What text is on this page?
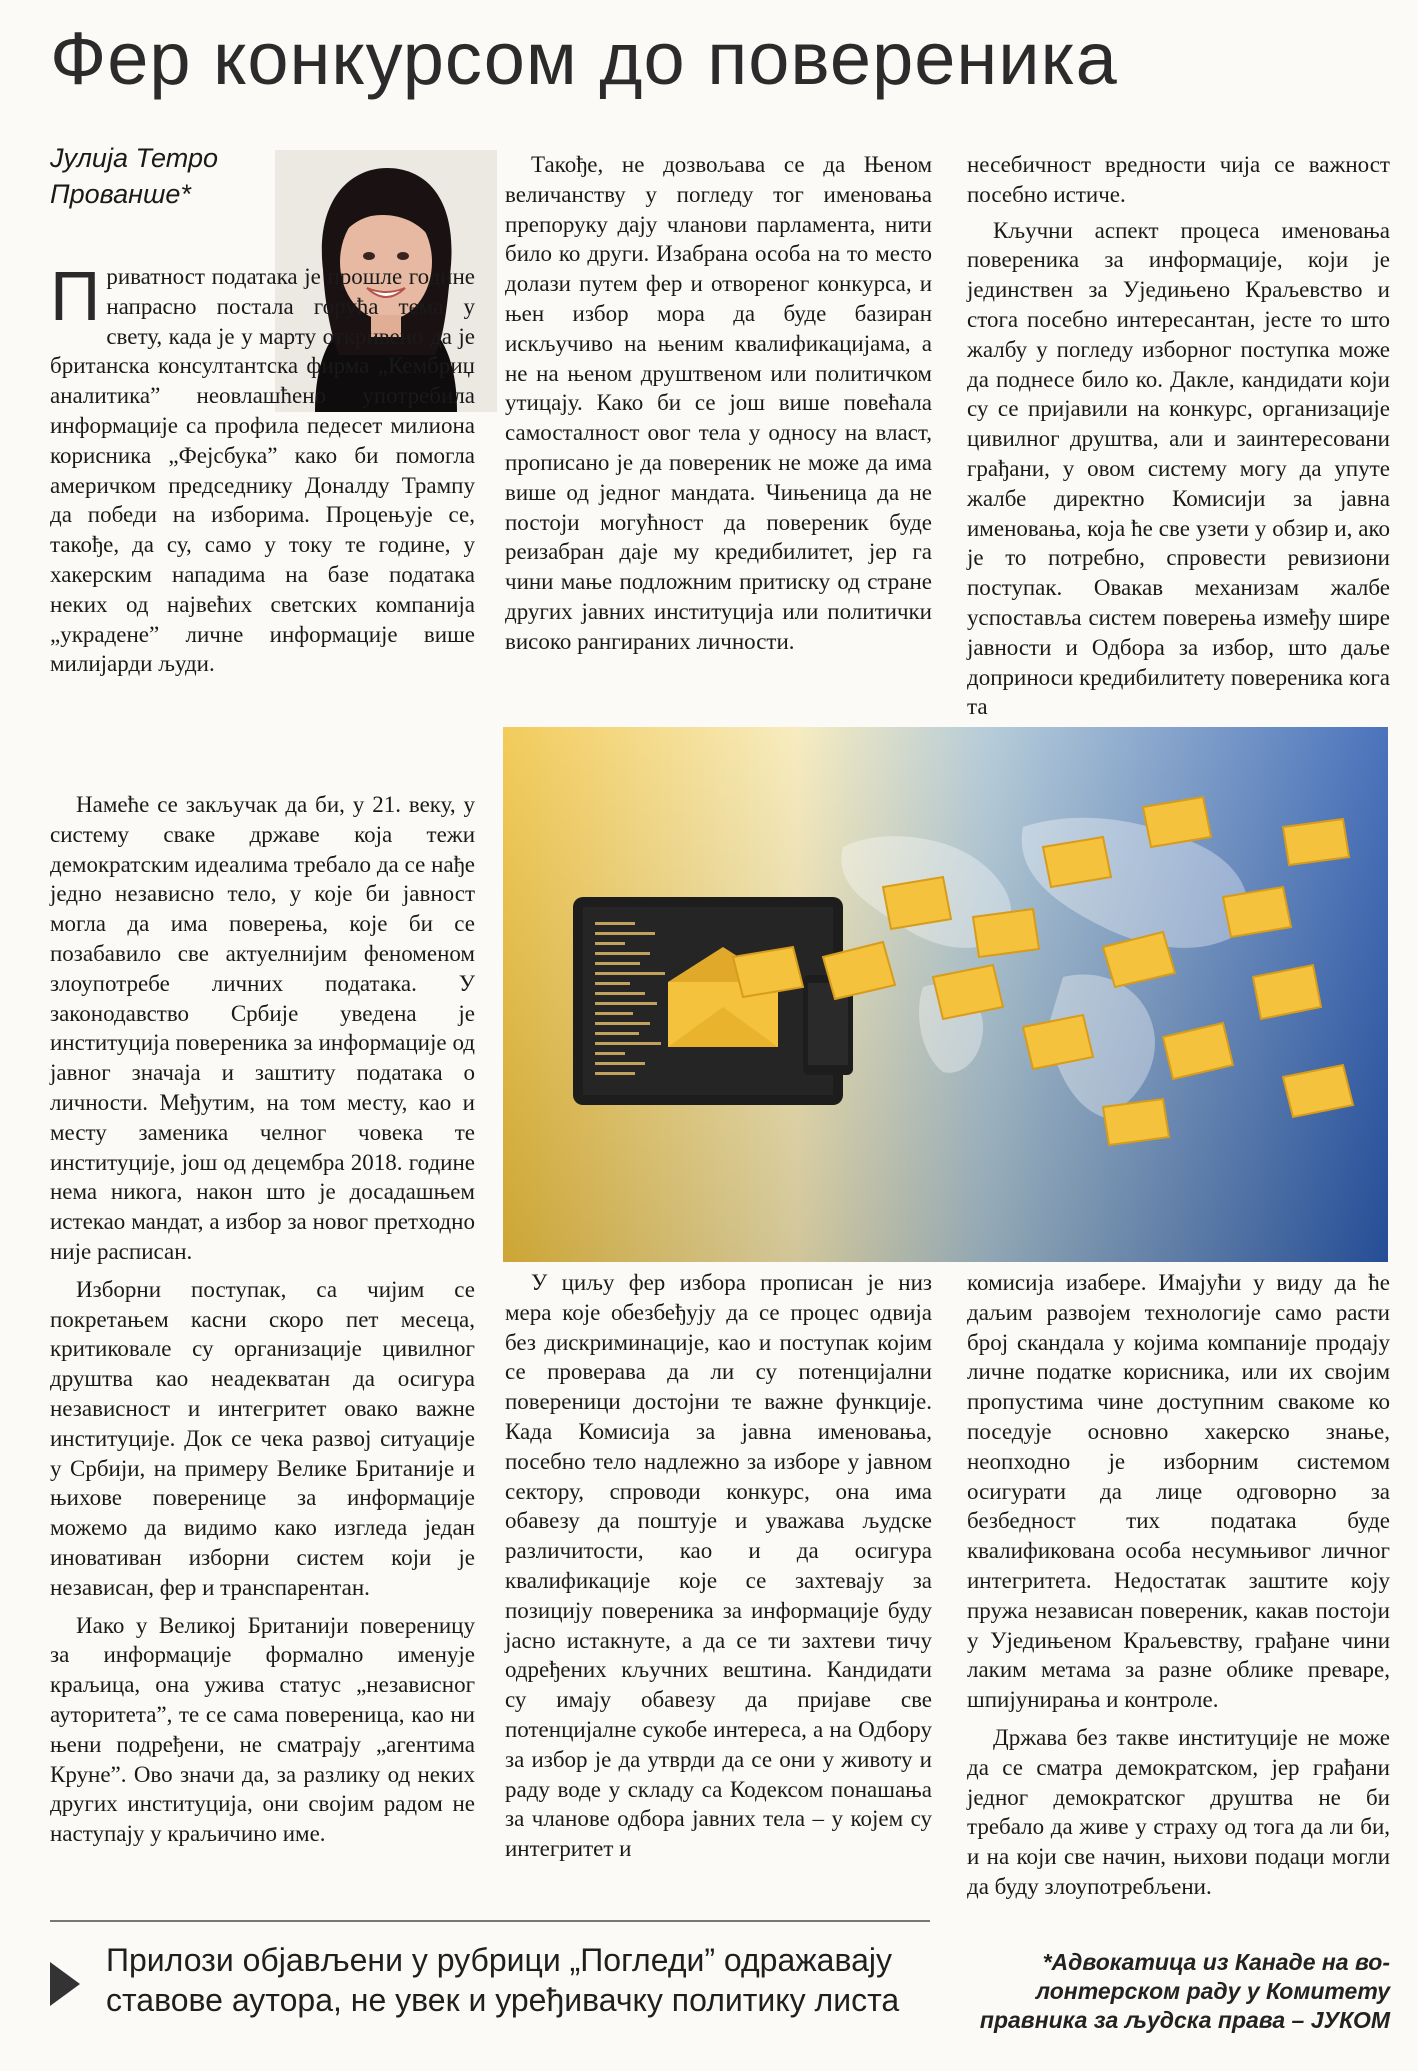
Фер конкурсом до повереника
Јулија Тетро Прованше*

Приватност података је прошле године напрасно постала горућа тема у свету, када је у марту откривено да је британска консултантска фирма „Кембриџ аналитика” неовлашћено употребила информације са профила педесет милиона корисника „Фејсбука” како би помогла америчком председнику Доналду Трампу да победи на изборима. Процењује се, такође, да су, само у току те године, у хакерским нападима на базе података неких од највећих светских компанија „украдене” личне информације више милијарди људи.

Намеће се закључак да би, у 21. веку, у систему сваке државе која тежи демократским идеалима требало да се нађе једно независно тело, у које би јавност могла да има поверења, које би се позабавило све актуелнијим феноменом злоупотребе личних података. У законодавство Србије уведена је институција повереника за информације од јавног значаја и заштиту података о личности. Међутим, на том месту, као и месту заменика челног човека те институције, још од децембра 2018. године нема никога, након што је досадашњем истекао мандат, а избор за новог претходно није расписан.

Изборни поступак, са чијим се покретањем касни скоро пет месеца, критиковале су организације цивилног друштва као неадекватан да осигура независност и интегритет овако важне институције. Док се чека развој ситуације у Србији, на примеру Велике Британије и њихове повереницe за информације можемо да видимо како изгледа један иновативан изборни систем који је независан, фер и транспарентан.

Иако у Великој Британији повереницу за информације формално именује краљица, она ужива статус „независног ауторитета”, те се сама повереница, као ни њени подређени, не сматрају „агентима Круне”. Ово значи да, за разлику од неких других институција, они својим радом не наступају у краљичино име.

Такође, не дозвољава се да Њеном величанству у погледу тог именовања препоруку дају чланови парламента, нити било ко други. Изабрана особа на то место долази путем фер и отвореног конкурса, и њен избор мора да буде базиран искључиво на њеним квалификацијама, а не на њеном друштвеном или политичком утицају. Како би се још више повећала самосталност овог тела у односу на власт, прописано је да повереник не може да има више од једног мандата. Чињеница да не постоји могућност да повереник буде реизабран даје му кредибилитет, јер га чини мање подложним притиску од стране других јавних институција или политички високо рангираних личности.

несебичност вредности чија се важност посебно истиче.

Кључни аспект процеса именовања повереника за информације, који је јединствен за Уједињено Краљевство и стога посебно интересантан, јесте то што жалбу у погледу изборног поступка може да поднесе било ко. Дакле, кандидати који су се пријавили на конкурс, организације цивилног друштва, али и заинтересовани грађани, у овом систему могу да упуте жалбе директно Комисији за јавна именовања, која ће све узети у обзир и, ако је то потребно, спровести ревизиони поступак. Овакав механизам жалбе успоставља систем поверења између шире јавности и Одбора за избор, што даље доприноси кредибилитету повереника кога та

У циљу фер избора прописан је низ мера које обезбеђују да се процес одвија без дискриминације, као и поступак којим се проверава да ли су потенцијални повереници достојни те важне функције. Када Комисија за јавна именовања, посебно тело надлежно за изборе у јавном сектору, спроводи конкурс, она има обавезу да поштује и уважава људске различитости, као и да осигура квалификације које се захтевају за позицију повереника за информације буду јасно истакнуте, а да се ти захтеви тичу одређених кључних вештина. Кандидати су имају обавезу да пријаве све потенцијалне сукобе интереса, а на Одбору за избор је да утврди да се они у животу и раду воде у складу са Кодексом понашања за чланове одбора јавних тела – у којем су интегритет и

комисија изабере. Имајући у виду да ће даљим развојем технологије само расти број скандала у којима компаније продају личне податке корисника, или их својим пропустима чине доступним свакоме ко поседује основно хакерско знање, неопходно је изборним системом осигурати да лице одговорно за безбедност тих података буде квалификована особа несумњивог личног интегритета. Недостатак заштите коју пружа независан повереник, какав постоји у Уједињеном Краљевству, грађане чини лаким метама за разне облике преваре, шпијунирања и контроле.

Држава без такве институције не може да се сматра демократском, јер грађани једног демократског друштва не би требало да живе у страху од тога да ли би, и на који све начин, њихови подаци могли да буду злоупотребљени.

Прилози објављени у рубрици „Погледи” одражавају
ставове аутора, не увек и уређивачку политику листа
*Адвокатица из Канаде на во-
лонтерском раду у Комитету
правника за људска права – ЈУКОМ
